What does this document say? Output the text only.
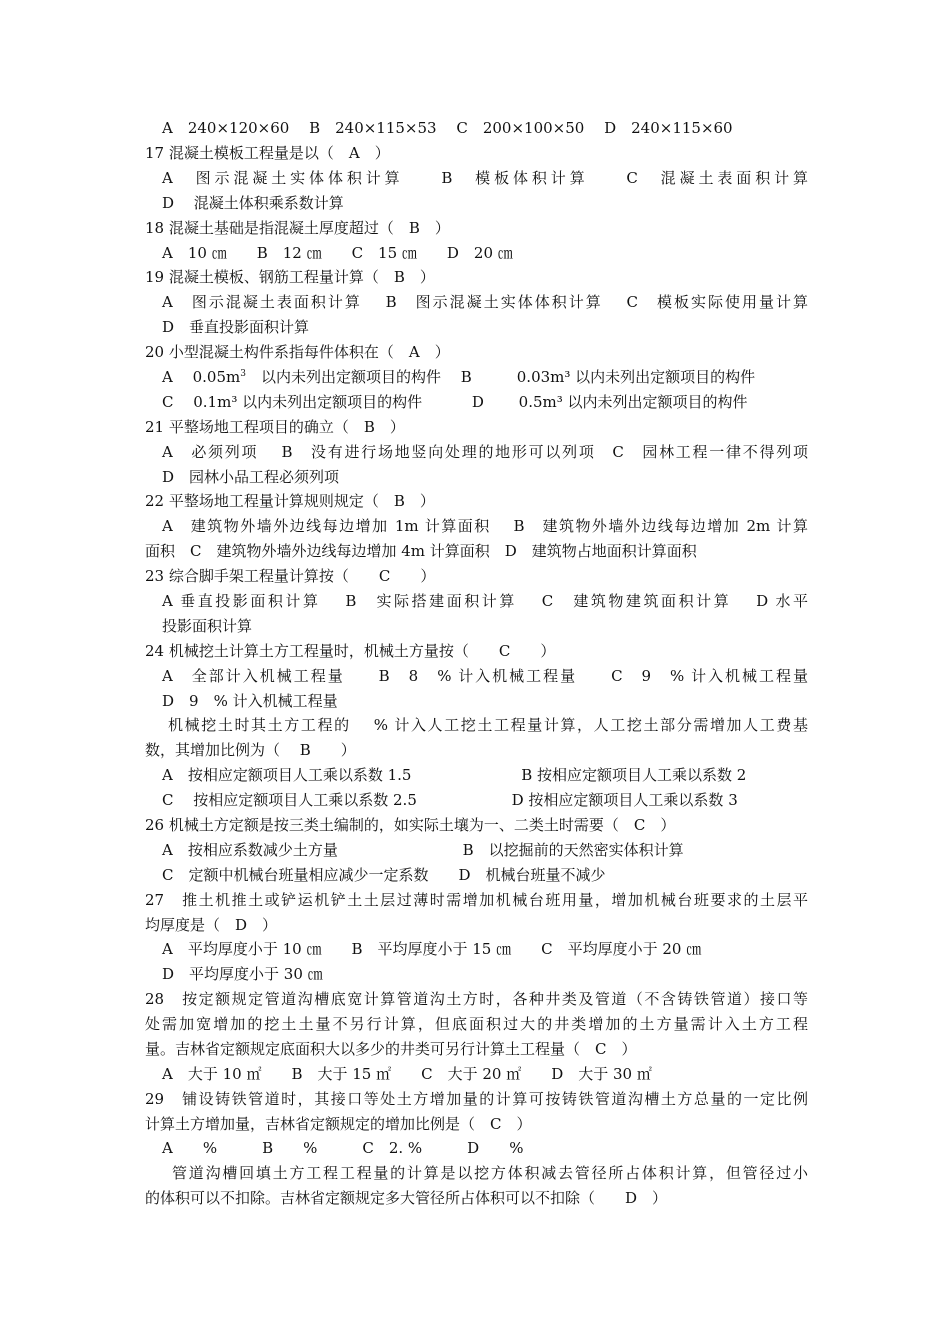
A　240×120×60　 B　240×115×53　 C　200×100×50　 D　240×115×60
17 混凝土模板工程量是以（　A　）
A　图示混凝土实体体积计算　　B　模板体积计算　　C　混凝土表面积计算
D　 混凝土体积乘系数计算
18 混凝土基础是指混凝土厚度超过（　B　）
A　10 ㎝　　B　12 ㎝　　C　15 ㎝　　D　20 ㎝
19 混凝土模板、钢筋工程量计算（　B　）
A　图示混凝土表面积计算　 B　图示混凝土实体体积计算　 C　模板实际使用量计算
D　垂直投影面积计算
20 小型混凝土构件系指每件体积在（　A　）
A　 $0.05m^3$　以内未列出定额项目的构件　 B　　　0.03m³ 以内未列出定额项目的构件
C　 0.1m³ 以内未列出定额项目的构件　　　 D　　 0.5m³ 以内未列出定额项目的构件
21 平整场地工程项目的确立（　B　）
A　必须列项　 B　没有进行场地竖向处理的地形可以列项　C　园林工程一律不得列项
D　园林小品工程必须列项
22 平整场地工程量计算规则规定（　B　）
A　建筑物外墙外边线每边增加 1m 计算面积　 B　建筑物外墙外边线每边增加 2m 计算
面积　C　建筑物外墙外边线每边增加 4m 计算面积　D　建筑物占地面积计算面积
23 综合脚手架工程量计算按（　　C　　）
A 垂直投影面积计算　 B　实际搭建面积计算　 C　建筑物建筑面积计算　 D 水平
投影面积计算
24 机械挖土计算土方工程量时，机械土方量按（　　C　　）
A　全部计入机械工程量　　B　8　% 计入机械工程量　　C　9　% 计入机械工程量
D　9　% 计入机械工程量
机械挖土时其土方工程的　 % 计入人工挖土工程量计算，人工挖土部分需增加人工费基
数，其增加比例为（　 B　　）
A　按相应定额项目人工乘以系数 1.5　　　　　　　 B 按相应定额项目人工乘以系数 2
C　 按相应定额项目人工乘以系数 2.5　　　　　　 D 按相应定额项目人工乘以系数 3
26 机械土方定额是按三类土编制的，如实际土壤为一、二类土时需要（　C　）
A　按相应系数减少土方量　　　　　　　　 B　以挖掘前的天然密实体积计算
C　定额中机械台班量相应减少一定系数　　D　机械台班量不减少
27　推土机推土或铲运机铲土土层过薄时需增加机械台班用量，增加机械台班要求的土层平
均厚度是（　D　）
A　平均厚度小于 10 ㎝　　B　平均厚度小于 15 ㎝　　C　平均厚度小于 20 ㎝
D　平均厚度小于 30 ㎝
28　按定额规定管道沟槽底宽计算管道沟土方时，各种井类及管道（不含铸铁管道）接口等
处需加宽增加的挖土土量不另行计算，但底面积过大的井类增加的土方量需计入土方工程
量。吉林省定额规定底面积大以多少的井类可另行计算土工程量（　C　）
A　大于 10 ㎡　　B　大于 15 ㎡　　C　大于 20 ㎡　　D　大于 30 ㎡
29　铺设铸铁管道时，其接口等处土方增加量的计算可按铸铁管道沟槽土方总量的一定比例
计算土方增加量，吉林省定额规定的增加比例是（　C　）
A　　%　　　B　　%　　　C　2. %　　　D　　%
管道沟槽回填土方工程工程量的计算是以挖方体积减去管径所占体积计算，但管径过小
的体积可以不扣除。吉林省定额规定多大管径所占体积可以不扣除（　　D　）
